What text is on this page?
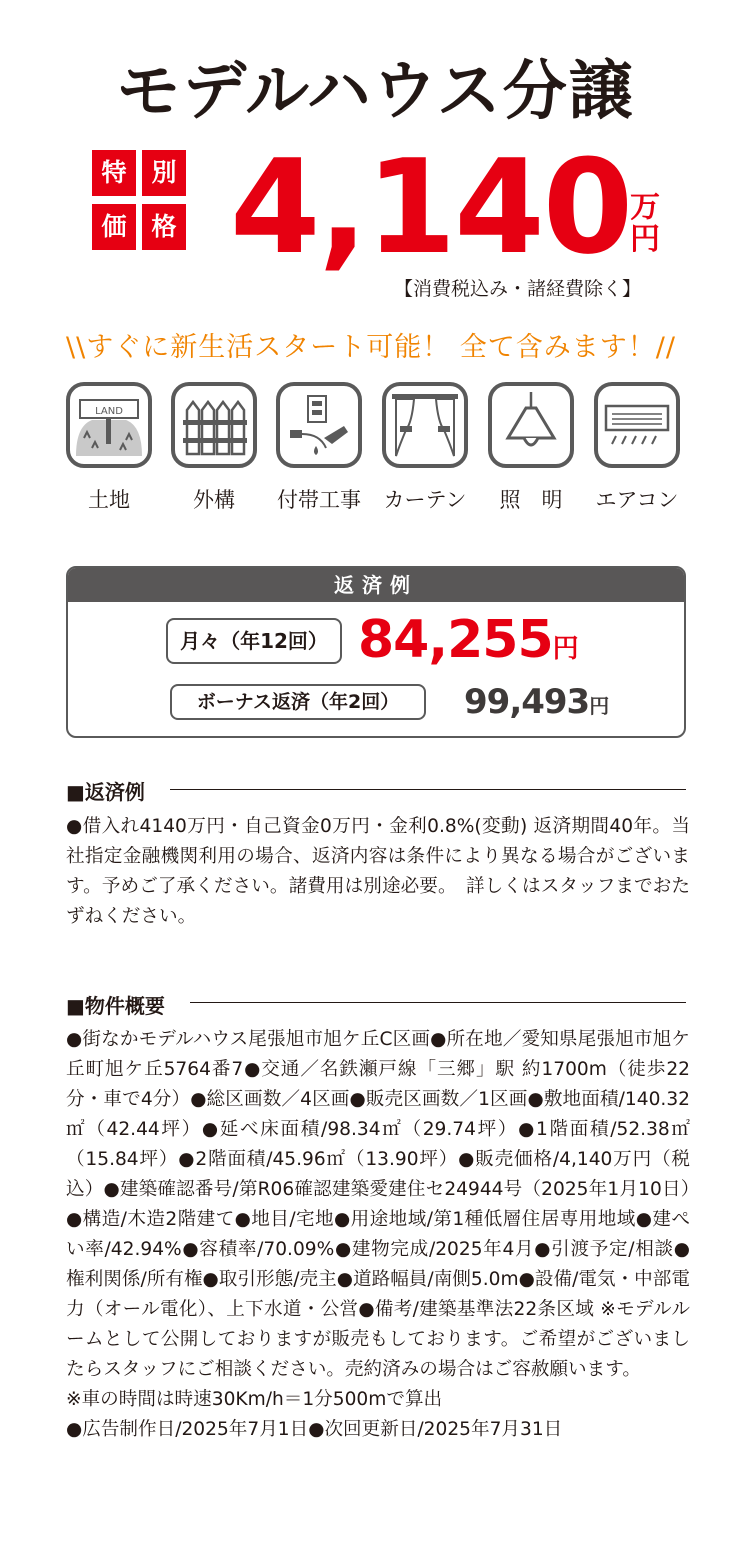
モデルハウス分譲
特 別
価 格 4,140
万
円
【消費税込み・諸経費除く】
\\すぐに新生活スタート可能！ 全て含みます！//
LAND
土地	外構	付帯工事	カーテン	照　明	エアコン
返済例
月々（年12回） 84,255円
ボーナス返済（年2回）	99,493円
■返済例

●借入れ4140万円・自己資金0万円・金利0.8%(変動) 返済期間40年。当社指定金融機関利用の場合、返済内容は条件により異なる場合がございます。予めご了承ください。諸費用は別途必要。　詳しくはスタッフまでおたずねください。

■物件概要

●街なかモデルハウス尾張旭市旭ケ丘C区画●所在地／愛知県尾張旭市旭ケ丘町旭ケ丘5764番7●交通／名鉄瀬戸線「三郷」駅 約1700m（徒歩22分・車で4分）●総区画数／4区画●販売区画数／1区画●敷地面積/140.32㎡（42.44坪）●延べ床面積/98.34㎡（29.74坪）●1階面積/52.38㎡（15.84坪）●2階面積/45.96㎡（13.90坪）●販売価格/4,140万円（税込）●建築確認番号/第R06確認建築愛建住セ24944号（2025年1月10日）●構造/木造2階建て●地目/宅地●用途地域/第1種低層住居専用地域●建ぺい率/42.94%●容積率/70.09%●建物完成/2025年4月●引渡予定/相談●権利関係/所有権●取引形態/売主●道路幅員/南側5.0m●設備/電気・中部電力（オール電化）、上下水道・公営●備考/建築基準法22条区域 ※モデルルームとして公開しておりますが販売もしております。ご希望がございましたらスタッフにご相談ください。売約済みの場合はご容赦願います。

※車の時間は時速30Km/h＝1分500mで算出

●広告制作日/2025年7月1日●次回更新日/2025年7月31日
